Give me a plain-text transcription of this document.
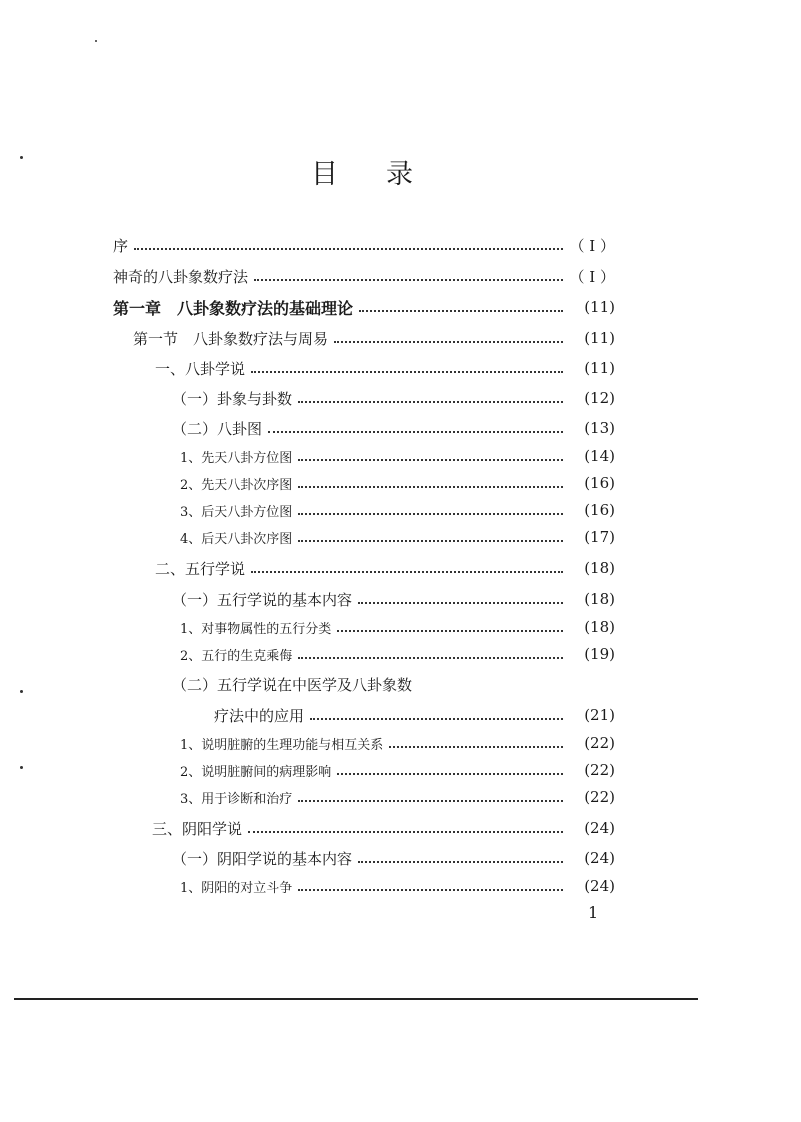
目 录
序	（ I ）
神奇的八卦象数疗法	（ I ）
第一章　八卦象数疗法的基础理论	(11)
第一节　八卦象数疗法与周易	(11)
一、八卦学说	(11)
（一）卦象与卦数	(12)
（二）八卦图	(13)
1、先天八卦方位图	(14)
2、先天八卦次序图	(16)
3、后天八卦方位图	(16)
4、后天八卦次序图	(17)
二、五行学说	(18)
（一）五行学说的基本内容	(18)
1、对事物属性的五行分类	(18)
2、五行的生克乘侮	(19)
（二）五行学说在中医学及八卦象数
疗法中的应用	(21)
1、说明脏腑的生理功能与相互关系	(22)
2、说明脏腑间的病理影响	(22)
3、用于诊断和治疗	(22)
三、阴阳学说	(24)
（一）阴阳学说的基本内容	(24)
1、阴阳的对立斗争	(24)
1
